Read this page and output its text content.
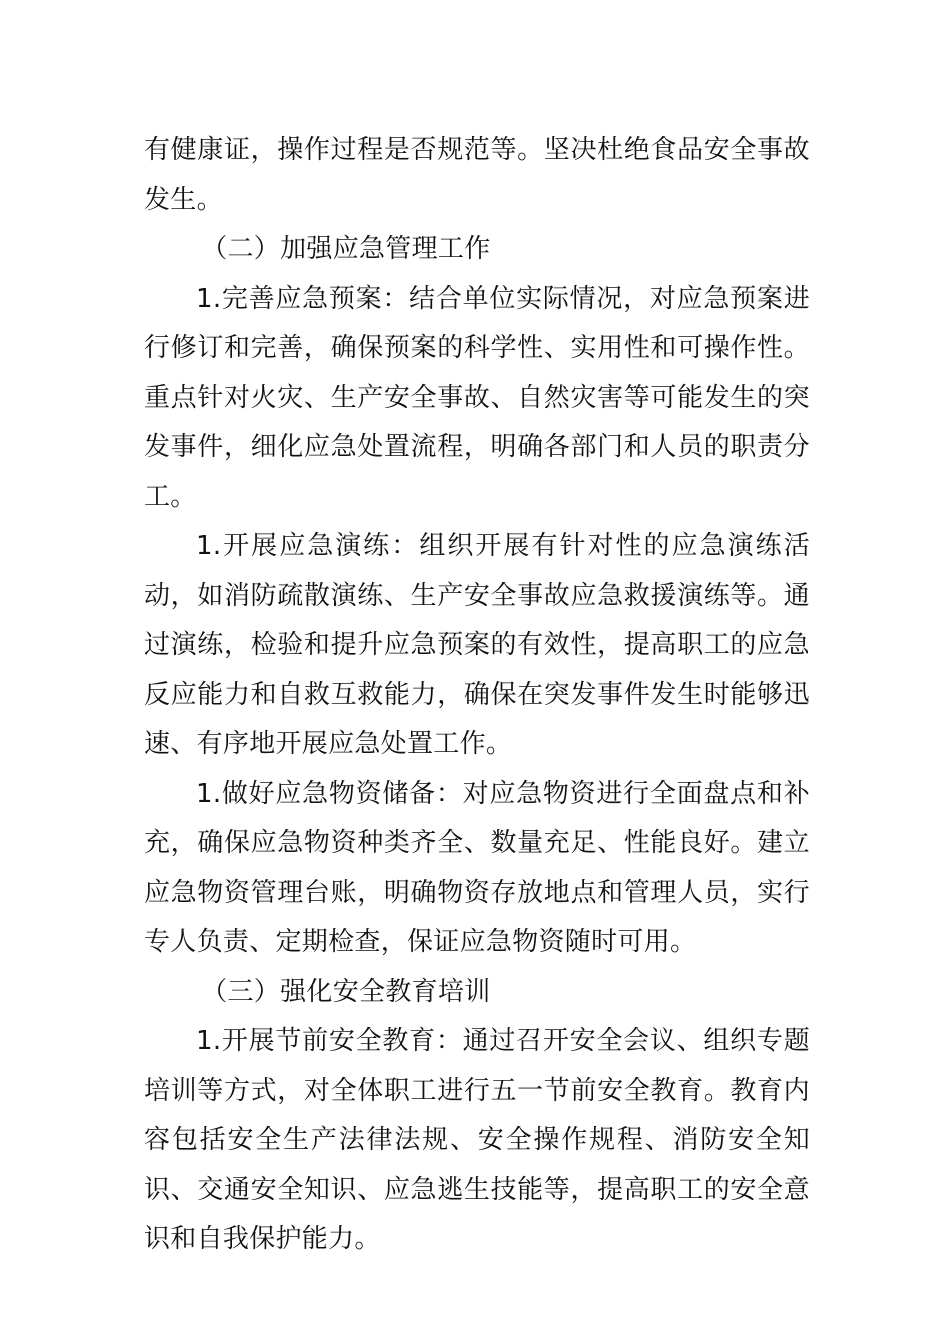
有健康证，操作过程是否规范等。坚决杜绝食品安全事故发生。

（二）加强应急管理工作

1.完善应急预案：结合单位实际情况，对应急预案进行修订和完善，确保预案的科学性、实用性和可操作性。重点针对火灾、生产安全事故、自然灾害等可能发生的突发事件，细化应急处置流程，明确各部门和人员的职责分工。

1.开展应急演练：组织开展有针对性的应急演练活动，如消防疏散演练、生产安全事故应急救援演练等。通过演练，检验和提升应急预案的有效性，提高职工的应急反应能力和自救互救能力，确保在突发事件发生时能够迅速、有序地开展应急处置工作。

1.做好应急物资储备：对应急物资进行全面盘点和补充，确保应急物资种类齐全、数量充足、性能良好。建立应急物资管理台账，明确物资存放地点和管理人员，实行专人负责、定期检查，保证应急物资随时可用。

（三）强化安全教育培训

1.开展节前安全教育：通过召开安全会议、组织专题培训等方式，对全体职工进行五一节前安全教育。教育内容包括安全生产法律法规、安全操作规程、消防安全知识、交通安全知识、应急逃生技能等，提高职工的安全意识和自我保护能力。
